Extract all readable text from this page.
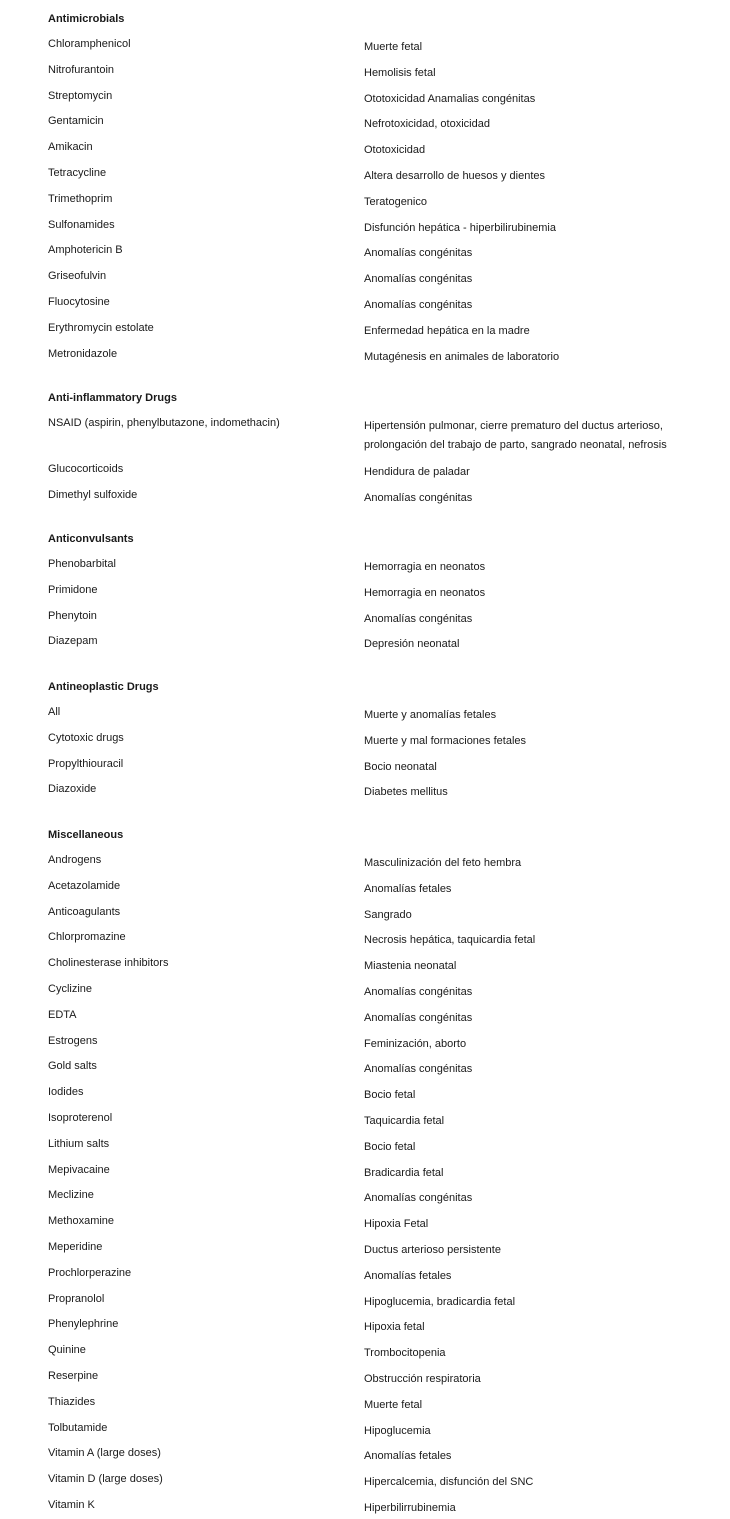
Antimicrobials
Chloramphenicol	Muerte fetal
Nitrofurantoin	Hemolisis fetal
Streptomycin	Ototoxicidad Anamalias congénitas
Gentamicin	Nefrotoxicidad, otoxicidad
Amikacin	Ototoxicidad
Tetracycline	Altera desarrollo de huesos y dientes
Trimethoprim	Teratogenico
Sulfonamides	Disfunción hepática - hiperbilirubinemia
Amphotericin B	Anomalías congénitas
Griseofulvin	Anomalías congénitas
Fluocytosine	Anomalías congénitas
Erythromycin estolate	Enfermedad hepática en la madre
Metronidazole	Mutagénesis en animales de laboratorio
Anti-inflammatory Drugs
NSAID (aspirin, phenylbutazone, indomethacin)	Hipertensión pulmonar, cierre prematuro del ductus arterioso, prolongación del trabajo de parto, sangrado neonatal, nefrosis
Glucocorticoids	Hendidura de paladar
Dimethyl sulfoxide	Anomalías congénitas
Anticonvulsants
Phenobarbital	Hemorragia en neonatos
Primidone	Hemorragia en neonatos
Phenytoin	Anomalías congénitas
Diazepam	Depresión neonatal
Antineoplastic Drugs
All	Muerte y anomalías fetales
Cytotoxic drugs	Muerte y mal formaciones fetales
Propylthiouracil	Bocio neonatal
Diazoxide	Diabetes mellitus
Miscellaneous
Androgens	Masculinización del feto hembra
Acetazolamide	Anomalías fetales
Anticoagulants	Sangrado
Chlorpromazine	Necrosis hepática, taquicardia fetal
Cholinesterase inhibitors	Miastenia neonatal
Cyclizine	Anomalías congénitas
EDTA	Anomalías congénitas
Estrogens	Feminización, aborto
Gold salts	Anomalías congénitas
Iodides	Bocio fetal
Isoproterenol	Taquicardia fetal
Lithium salts	Bocio fetal
Mepivacaine	Bradicardia fetal
Meclizine	Anomalías congénitas
Methoxamine	Hipoxia Fetal
Meperidine	Ductus arterioso persistente
Prochlorperazine	Anomalías fetales
Propranolol	Hipoglucemia, bradicardia fetal
Phenylephrine	Hipoxia fetal
Quinine	Trombocitopenia
Reserpine	Obstrucción respiratoria
Thiazides	Muerte fetal
Tolbutamide	Hipoglucemia
Vitamin A (large doses)	Anomalías fetales
Vitamin D (large doses)	Hipercalcemia, disfunción del SNC
Vitamin K	Hiperbilirrubinemia
